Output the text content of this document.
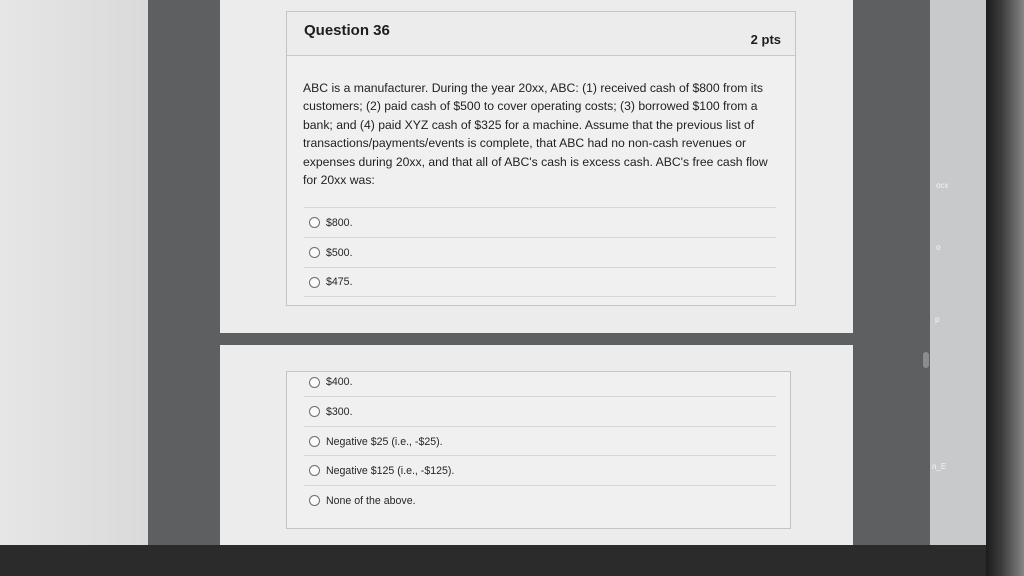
ocx
o
p
n_E
Question 36
2 pts
ABC is a manufacturer. During the year 20xx, ABC: (1) received cash of $800 from its customers; (2) paid cash of $500 to cover operating costs; (3) borrowed $100 from a bank; and (4) paid XYZ cash of $325 for a machine. Assume that the previous list of transactions/payments/events is complete, that ABC had no non-cash revenues or expenses during 20xx, and that all of ABC's cash is excess cash. ABC's free cash flow for 20xx was:
$800.
$500.
$475.
$400.
$300.
Negative $25 (i.e., -$25).
Negative $125 (i.e., -$125).
None of the above.
